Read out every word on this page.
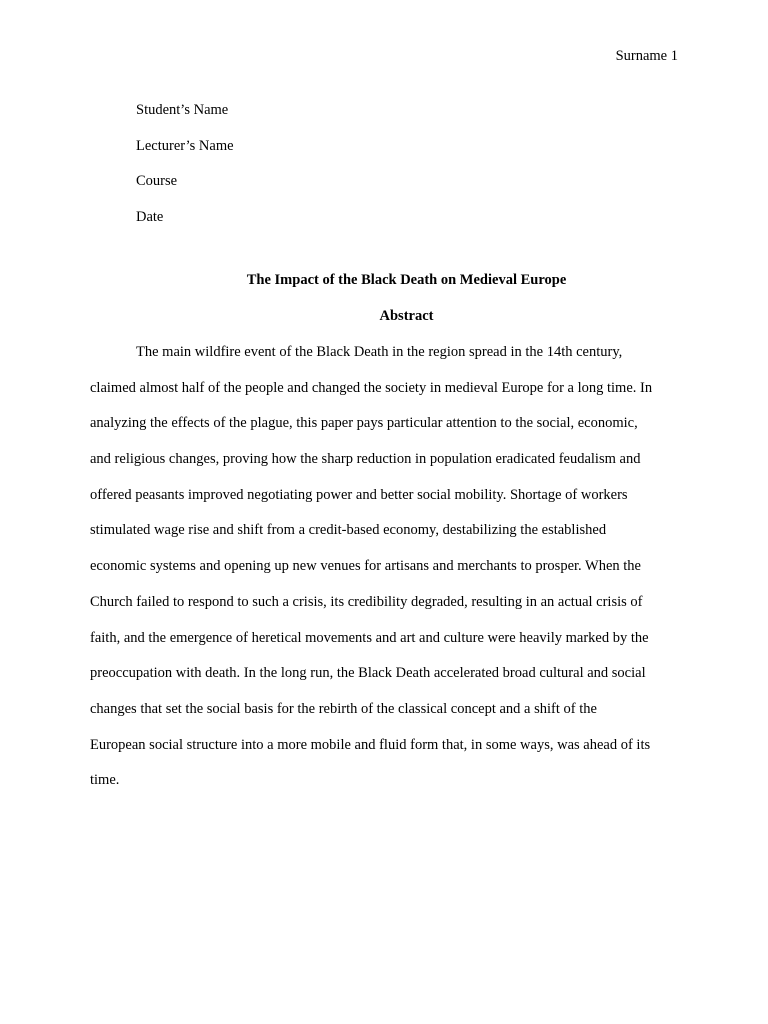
Surname 1
Student’s Name
Lecturer’s Name
Course
Date
The Impact of the Black Death on Medieval Europe
Abstract
The main wildfire event of the Black Death in the region spread in the 14th century,
claimed almost half of the people and changed the society in medieval Europe for a long time. In
analyzing the effects of the plague, this paper pays particular attention to the social, economic,
and religious changes, proving how the sharp reduction in population eradicated feudalism and
offered peasants improved negotiating power and better social mobility. Shortage of workers
stimulated wage rise and shift from a credit-based economy, destabilizing the established
economic systems and opening up new venues for artisans and merchants to prosper. When the
Church failed to respond to such a crisis, its credibility degraded, resulting in an actual crisis of
faith, and the emergence of heretical movements and art and culture were heavily marked by the
preoccupation with death. In the long run, the Black Death accelerated broad cultural and social
changes that set the social basis for the rebirth of the classical concept and a shift of the
European social structure into a more mobile and fluid form that, in some ways, was ahead of its
time.
